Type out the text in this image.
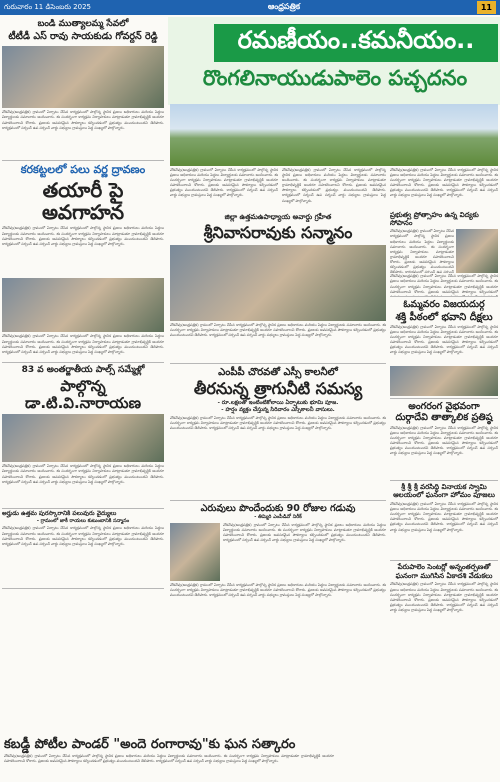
గురువారం 11 డిసెంబరు 2025	ఆంధ్రపత్రిక	11
బండి ముత్యాలమ్మ సేవలో
టీటీడీ ఎస్ రావు సాయకుడు గోవర్దన్ రెడ్డి
వోడరేవు(ఆంధ్రపత్రిక) గ్రామంలో ఏర్పాటు చేసిన కార్యక్రమంలో పాల్గొన్న స్థానిక ప్రజలు అధికారులు మరియు పెద్దలు విద్యార్థులకు సమాచారం అందించారు. ఈ సందర్భంగా కార్యక్రమ నిర్వాహకులు మాట్లాడుతూ గ్రామాభివృద్ధికి అందరూ సహకరించాలని కోరారు. ప్రజలకు అవసరమైన సౌకర్యాలు కల్పించడంలో ప్రభుత్వం ముందుంటుందని తెలిపారు. కార్యక్రమంలో సర్పంచ్ ఉప సర్పంచ్ వార్డు సభ్యులు గ్రామస్తులు పెద్ద సంఖ్యలో పాల్గొన్నారు.
కరకట్టలలో పలు వర్ణ ద్రావణం
తయారీ పై అవగాహన
వోడరేవు(ఆంధ్రపత్రిక) గ్రామంలో ఏర్పాటు చేసిన కార్యక్రమంలో పాల్గొన్న స్థానిక ప్రజలు అధికారులు మరియు పెద్దలు విద్యార్థులకు సమాచారం అందించారు. ఈ సందర్భంగా కార్యక్రమ నిర్వాహకులు మాట్లాడుతూ గ్రామాభివృద్ధికి అందరూ సహకరించాలని కోరారు. ప్రజలకు అవసరమైన సౌకర్యాలు కల్పించడంలో ప్రభుత్వం ముందుంటుందని తెలిపారు. కార్యక్రమంలో సర్పంచ్ ఉప సర్పంచ్ వార్డు సభ్యులు గ్రామస్తులు పెద్ద సంఖ్యలో పాల్గొన్నారు.
వోడరేవు(ఆంధ్రపత్రిక) గ్రామంలో ఏర్పాటు చేసిన కార్యక్రమంలో పాల్గొన్న స్థానిక ప్రజలు అధికారులు మరియు పెద్దలు విద్యార్థులకు సమాచారం అందించారు. ఈ సందర్భంగా కార్యక్రమ నిర్వాహకులు మాట్లాడుతూ గ్రామాభివృద్ధికి అందరూ సహకరించాలని కోరారు. ప్రజలకు అవసరమైన సౌకర్యాలు కల్పించడంలో ప్రభుత్వం ముందుంటుందని తెలిపారు. కార్యక్రమంలో సర్పంచ్ ఉప సర్పంచ్ వార్డు సభ్యులు గ్రామస్తులు పెద్ద సంఖ్యలో పాల్గొన్నారు.
83 వ అంతర్జాతీయ పాల్స్ సమ్మేళ్లో
పాల్గొన్న డా.టి.వి.నారాయణ
వోడరేవు(ఆంధ్రపత్రిక) గ్రామంలో ఏర్పాటు చేసిన కార్యక్రమంలో పాల్గొన్న స్థానిక ప్రజలు అధికారులు మరియు పెద్దలు విద్యార్థులకు సమాచారం అందించారు. ఈ సందర్భంగా కార్యక్రమ నిర్వాహకులు మాట్లాడుతూ గ్రామాభివృద్ధికి అందరూ సహకరించాలని కోరారు. ప్రజలకు అవసరమైన సౌకర్యాలు కల్పించడంలో ప్రభుత్వం ముందుంటుందని తెలిపారు. కార్యక్రమంలో సర్పంచ్ ఉప సర్పంచ్ వార్డు సభ్యులు గ్రామస్తులు పెద్ద సంఖ్యలో పాల్గొన్నారు.
అర్హుడు ఉత్తమ పురస్కారానికి పలువురు వైద్యులు
- గ్రామంలో జాకీ రాయలు కుటుంబానికి సన్మానం
వోడరేవు(ఆంధ్రపత్రిక) గ్రామంలో ఏర్పాటు చేసిన కార్యక్రమంలో పాల్గొన్న స్థానిక ప్రజలు అధికారులు మరియు పెద్దలు విద్యార్థులకు సమాచారం అందించారు. ఈ సందర్భంగా కార్యక్రమ నిర్వాహకులు మాట్లాడుతూ గ్రామాభివృద్ధికి అందరూ సహకరించాలని కోరారు. ప్రజలకు అవసరమైన సౌకర్యాలు కల్పించడంలో ప్రభుత్వం ముందుంటుందని తెలిపారు. కార్యక్రమంలో సర్పంచ్ ఉప సర్పంచ్ వార్డు సభ్యులు గ్రామస్తులు పెద్ద సంఖ్యలో పాల్గొన్నారు.
కబడ్డీ పోటీల పాండర్ "అందె రంగారావు"కు ఘన సత్కారం
వోడరేవు(ఆంధ్రపత్రిక) గ్రామంలో ఏర్పాటు చేసిన కార్యక్రమంలో పాల్గొన్న స్థానిక ప్రజలు అధికారులు మరియు పెద్దలు విద్యార్థులకు సమాచారం అందించారు. ఈ సందర్భంగా కార్యక్రమ నిర్వాహకులు మాట్లాడుతూ గ్రామాభివృద్ధికి అందరూ సహకరించాలని కోరారు. ప్రజలకు అవసరమైన సౌకర్యాలు కల్పించడంలో ప్రభుత్వం ముందుంటుందని తెలిపారు. కార్యక్రమంలో సర్పంచ్ ఉప సర్పంచ్ వార్డు సభ్యులు గ్రామస్తులు పెద్ద సంఖ్యలో పాల్గొన్నారు.
రమణీయం..కమనీయం..
రొంగలినాయుడుపాలెం పచ్చదనం
వోడరేవు(ఆంధ్రపత్రిక) గ్రామంలో ఏర్పాటు చేసిన కార్యక్రమంలో పాల్గొన్న స్థానిక ప్రజలు అధికారులు మరియు పెద్దలు విద్యార్థులకు సమాచారం అందించారు. ఈ సందర్భంగా కార్యక్రమ నిర్వాహకులు మాట్లాడుతూ గ్రామాభివృద్ధికి అందరూ సహకరించాలని కోరారు. ప్రజలకు అవసరమైన సౌకర్యాలు కల్పించడంలో ప్రభుత్వం ముందుంటుందని తెలిపారు. కార్యక్రమంలో సర్పంచ్ ఉప సర్పంచ్ వార్డు సభ్యులు గ్రామస్తులు పెద్ద సంఖ్యలో పాల్గొన్నారు.
వోడరేవు(ఆంధ్రపత్రిక) గ్రామంలో ఏర్పాటు చేసిన కార్యక్రమంలో పాల్గొన్న స్థానిక ప్రజలు అధికారులు మరియు పెద్దలు విద్యార్థులకు సమాచారం అందించారు. ఈ సందర్భంగా కార్యక్రమ నిర్వాహకులు మాట్లాడుతూ గ్రామాభివృద్ధికి అందరూ సహకరించాలని కోరారు. ప్రజలకు అవసరమైన సౌకర్యాలు కల్పించడంలో ప్రభుత్వం ముందుంటుందని తెలిపారు. కార్యక్రమంలో సర్పంచ్ ఉప సర్పంచ్ వార్డు సభ్యులు గ్రామస్తులు పెద్ద సంఖ్యలో పాల్గొన్నారు.
వోడరేవు(ఆంధ్రపత్రిక) గ్రామంలో ఏర్పాటు చేసిన కార్యక్రమంలో పాల్గొన్న స్థానిక ప్రజలు అధికారులు మరియు పెద్దలు విద్యార్థులకు సమాచారం అందించారు. ఈ సందర్భంగా కార్యక్రమ నిర్వాహకులు మాట్లాడుతూ గ్రామాభివృద్ధికి అందరూ సహకరించాలని కోరారు. ప్రజలకు అవసరమైన సౌకర్యాలు కల్పించడంలో ప్రభుత్వం ముందుంటుందని తెలిపారు. కార్యక్రమంలో సర్పంచ్ ఉప సర్పంచ్ వార్డు సభ్యులు గ్రామస్తులు పెద్ద సంఖ్యలో పాల్గొన్నారు.
జిల్లా ఉత్తమఉపాధ్యాయ అవార్డు గ్రహీత
శ్రీనివాసరావుకు సన్మానం
వోడరేవు(ఆంధ్రపత్రిక) గ్రామంలో ఏర్పాటు చేసిన కార్యక్రమంలో పాల్గొన్న స్థానిక ప్రజలు అధికారులు మరియు పెద్దలు విద్యార్థులకు సమాచారం అందించారు. ఈ సందర్భంగా కార్యక్రమ నిర్వాహకులు మాట్లాడుతూ గ్రామాభివృద్ధికి అందరూ సహకరించాలని కోరారు. ప్రజలకు అవసరమైన సౌకర్యాలు కల్పించడంలో ప్రభుత్వం ముందుంటుందని తెలిపారు. కార్యక్రమంలో సర్పంచ్ ఉప సర్పంచ్ వార్డు సభ్యులు గ్రామస్తులు పెద్ద సంఖ్యలో పాల్గొన్నారు.
ఎంపీపీ చొరవతో ఎస్సీ కాలనీలో
తీరనున్న త్రాగునీటి సమస్య
- రూ.లక్షలతో ఇంటింటికోలాయి ఏర్పాటుకు భూమి పూజ.
- హర్షం వ్యక్తం చేస్తున్న సిరివారం ఎస్సీకాలనీ వాసులు.
వోడరేవు(ఆంధ్రపత్రిక) గ్రామంలో ఏర్పాటు చేసిన కార్యక్రమంలో పాల్గొన్న స్థానిక ప్రజలు అధికారులు మరియు పెద్దలు విద్యార్థులకు సమాచారం అందించారు. ఈ సందర్భంగా కార్యక్రమ నిర్వాహకులు మాట్లాడుతూ గ్రామాభివృద్ధికి అందరూ సహకరించాలని కోరారు. ప్రజలకు అవసరమైన సౌకర్యాలు కల్పించడంలో ప్రభుత్వం ముందుంటుందని తెలిపారు. కార్యక్రమంలో సర్పంచ్ ఉప సర్పంచ్ వార్డు సభ్యులు గ్రామస్తులు పెద్ద సంఖ్యలో పాల్గొన్నారు.
ఎరువులు పొందేందుకు 90 రోజుల గడువు
- తిమ్మిరి ఎంపీడివో నిరీక్
వోడరేవు(ఆంధ్రపత్రిక) గ్రామంలో ఏర్పాటు చేసిన కార్యక్రమంలో పాల్గొన్న స్థానిక ప్రజలు అధికారులు మరియు పెద్దలు విద్యార్థులకు సమాచారం అందించారు. ఈ సందర్భంగా కార్యక్రమ నిర్వాహకులు మాట్లాడుతూ గ్రామాభివృద్ధికి అందరూ సహకరించాలని కోరారు. ప్రజలకు అవసరమైన సౌకర్యాలు కల్పించడంలో ప్రభుత్వం ముందుంటుందని తెలిపారు. కార్యక్రమంలో సర్పంచ్ ఉప సర్పంచ్ వార్డు సభ్యులు గ్రామస్తులు పెద్ద సంఖ్యలో పాల్గొన్నారు.
వోడరేవు(ఆంధ్రపత్రిక) గ్రామంలో ఏర్పాటు చేసిన కార్యక్రమంలో పాల్గొన్న స్థానిక ప్రజలు అధికారులు మరియు పెద్దలు విద్యార్థులకు సమాచారం అందించారు. ఈ సందర్భంగా కార్యక్రమ నిర్వాహకులు మాట్లాడుతూ గ్రామాభివృద్ధికి అందరూ సహకరించాలని కోరారు. ప్రజలకు అవసరమైన సౌకర్యాలు కల్పించడంలో ప్రభుత్వం ముందుంటుందని తెలిపారు. కార్యక్రమంలో సర్పంచ్ ఉప సర్పంచ్ వార్డు సభ్యులు గ్రామస్తులు పెద్ద సంఖ్యలో పాల్గొన్నారు.
ప్రభుత్వ ప్రోత్సాహం ఉన్న విద్యకు సోపానం
వోడరేవు(ఆంధ్రపత్రిక) గ్రామంలో ఏర్పాటు చేసిన కార్యక్రమంలో పాల్గొన్న స్థానిక ప్రజలు అధికారులు మరియు పెద్దలు విద్యార్థులకు సమాచారం అందించారు. ఈ సందర్భంగా కార్యక్రమ నిర్వాహకులు మాట్లాడుతూ గ్రామాభివృద్ధికి అందరూ సహకరించాలని కోరారు. ప్రజలకు అవసరమైన సౌకర్యాలు కల్పించడంలో ప్రభుత్వం ముందుంటుందని తెలిపారు. కార్యక్రమంలో సర్పంచ్ ఉప సర్పంచ్
వోడరేవు(ఆంధ్రపత్రిక) గ్రామంలో ఏర్పాటు చేసిన కార్యక్రమంలో పాల్గొన్న స్థానిక ప్రజలు అధికారులు మరియు పెద్దలు విద్యార్థులకు సమాచారం అందించారు. ఈ సందర్భంగా కార్యక్రమ నిర్వాహకులు మాట్లాడుతూ గ్రామాభివృద్ధికి అందరూ సహకరించాలని కోరారు. ప్రజలకు అవసరమైన సౌకర్యాలు కల్పించడంలో
ఓమ్మవరం విజయదుర్గ
శక్తి పీఠంలో భవాని దీక్షలు
వోడరేవు(ఆంధ్రపత్రిక) గ్రామంలో ఏర్పాటు చేసిన కార్యక్రమంలో పాల్గొన్న స్థానిక ప్రజలు అధికారులు మరియు పెద్దలు విద్యార్థులకు సమాచారం అందించారు. ఈ సందర్భంగా కార్యక్రమ నిర్వాహకులు మాట్లాడుతూ గ్రామాభివృద్ధికి అందరూ సహకరించాలని కోరారు. ప్రజలకు అవసరమైన సౌకర్యాలు కల్పించడంలో ప్రభుత్వం ముందుంటుందని తెలిపారు. కార్యక్రమంలో సర్పంచ్ ఉప సర్పంచ్ వార్డు సభ్యులు గ్రామస్తులు పెద్ద సంఖ్యలో పాల్గొన్నారు.
అంగరంగ వైభవంగా
దుర్గాదేవి తాత్కాలిక ప్రతిష్ఠ
వోడరేవు(ఆంధ్రపత్రిక) గ్రామంలో ఏర్పాటు చేసిన కార్యక్రమంలో పాల్గొన్న స్థానిక ప్రజలు అధికారులు మరియు పెద్దలు విద్యార్థులకు సమాచారం అందించారు. ఈ సందర్భంగా కార్యక్రమ నిర్వాహకులు మాట్లాడుతూ గ్రామాభివృద్ధికి అందరూ సహకరించాలని కోరారు. ప్రజలకు అవసరమైన సౌకర్యాలు కల్పించడంలో ప్రభుత్వం ముందుంటుందని తెలిపారు. కార్యక్రమంలో సర్పంచ్ ఉప సర్పంచ్ వార్డు సభ్యులు గ్రామస్తులు పెద్ద సంఖ్యలో పాల్గొన్నారు.
శ్రీ శ్రీ శ్రీ వరసిద్ధి వినాయక స్వామి
ఆలయంలో ఘనంగా హోమం పూజలు
వోడరేవు(ఆంధ్రపత్రిక) గ్రామంలో ఏర్పాటు చేసిన కార్యక్రమంలో పాల్గొన్న స్థానిక ప్రజలు అధికారులు మరియు పెద్దలు విద్యార్థులకు సమాచారం అందించారు. ఈ సందర్భంగా కార్యక్రమ నిర్వాహకులు మాట్లాడుతూ గ్రామాభివృద్ధికి అందరూ సహకరించాలని కోరారు. ప్రజలకు అవసరమైన సౌకర్యాలు కల్పించడంలో ప్రభుత్వం ముందుంటుందని తెలిపారు. కార్యక్రమంలో సర్పంచ్ ఉప సర్పంచ్ వార్డు సభ్యులు గ్రామస్తులు పెద్ద సంఖ్యలో పాల్గొన్నారు.
పేరుపాలెం సెంటర్లో అన్నంతర్పణతో
ఘనంగా ముగిసిన ఏకాదశి వేడుకలు
వోడరేవు(ఆంధ్రపత్రిక) గ్రామంలో ఏర్పాటు చేసిన కార్యక్రమంలో పాల్గొన్న స్థానిక ప్రజలు అధికారులు మరియు పెద్దలు విద్యార్థులకు సమాచారం అందించారు. ఈ సందర్భంగా కార్యక్రమ నిర్వాహకులు మాట్లాడుతూ గ్రామాభివృద్ధికి అందరూ సహకరించాలని కోరారు. ప్రజలకు అవసరమైన సౌకర్యాలు కల్పించడంలో ప్రభుత్వం ముందుంటుందని తెలిపారు. కార్యక్రమంలో సర్పంచ్ ఉప సర్పంచ్ వార్డు సభ్యులు గ్రామస్తులు పెద్ద సంఖ్యలో పాల్గొన్నారు.
